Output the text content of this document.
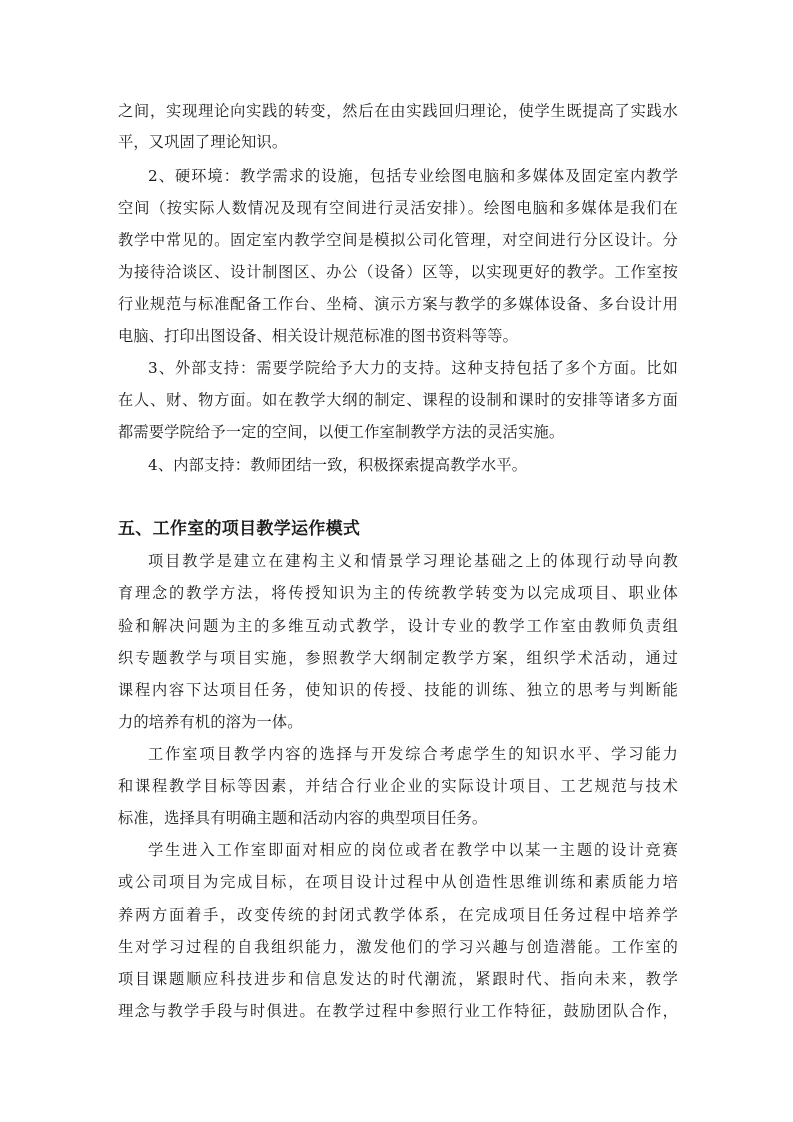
之间，实现理论向实践的转变，然后在由实践回归理论，使学生既提高了实践水
平，又巩固了理论知识。
2、硬环境：教学需求的设施，包括专业绘图电脑和多媒体及固定室内教学
空间（按实际人数情况及现有空间进行灵活安排）。绘图电脑和多媒体是我们在
教学中常见的。固定室内教学空间是模拟公司化管理，对空间进行分区设计。分
为接待洽谈区、设计制图区、办公（设备）区等，以实现更好的教学。工作室按
行业规范与标准配备工作台、坐椅、演示方案与教学的多媒体设备、多台设计用
电脑、打印出图设备、相关设计规范标准的图书资料等等。
3、外部支持：需要学院给予大力的支持。这种支持包括了多个方面。比如
在人、财、物方面。如在教学大纲的制定、课程的设制和课时的安排等诸多方面
都需要学院给予一定的空间，以便工作室制教学方法的灵活实施。
4、内部支持：教师团结一致，积极探索提高教学水平。
五、工作室的项目教学运作模式
项目教学是建立在建构主义和情景学习理论基础之上的体现行动导向教
育理念的教学方法，将传授知识为主的传统教学转变为以完成项目、职业体
验和解决问题为主的多维互动式教学，设计专业的教学工作室由教师负责组
织专题教学与项目实施，参照教学大纲制定教学方案，组织学术活动，通过
课程内容下达项目任务，使知识的传授、技能的训练、独立的思考与判断能
力的培养有机的溶为一体。
工作室项目教学内容的选择与开发综合考虑学生的知识水平、学习能力
和课程教学目标等因素，并结合行业企业的实际设计项目、工艺规范与技术
标准，选择具有明确主题和活动内容的典型项目任务。
学生进入工作室即面对相应的岗位或者在教学中以某一主题的设计竞赛
或公司项目为完成目标，在项目设计过程中从创造性思维训练和素质能力培
养两方面着手，改变传统的封闭式教学体系，在完成项目任务过程中培养学
生对学习过程的自我组织能力，激发他们的学习兴趣与创造潜能。工作室的
项目课题顺应科技进步和信息发达的时代潮流，紧跟时代、指向未来，教学
理念与教学手段与时俱进。在教学过程中参照行业工作特征，鼓励团队合作，
